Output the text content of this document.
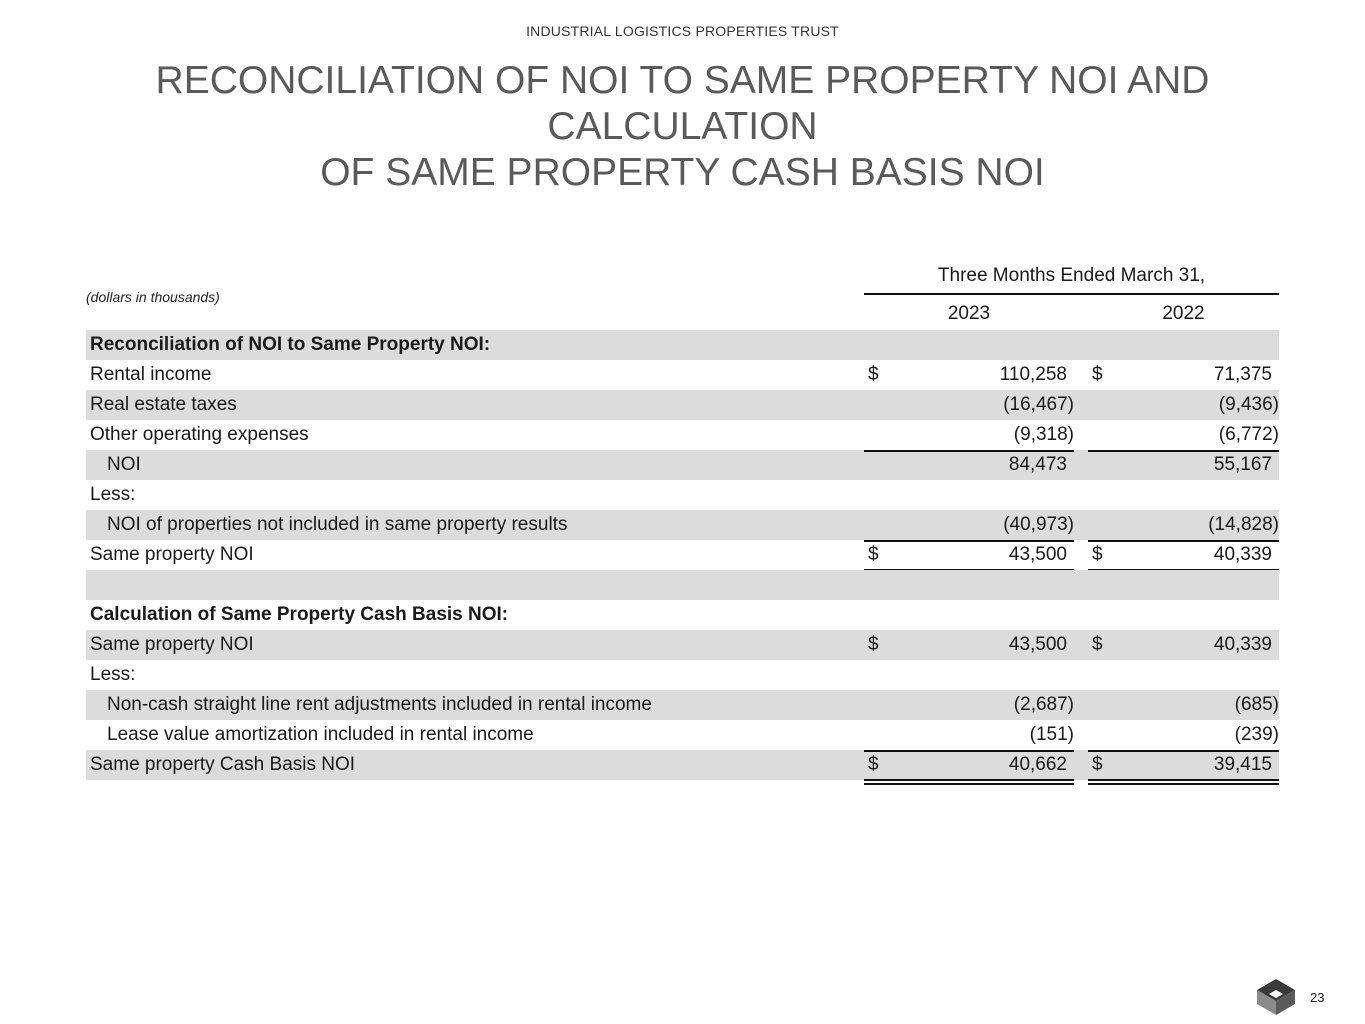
INDUSTRIAL LOGISTICS PROPERTIES TRUST
RECONCILIATION OF NOI TO SAME PROPERTY NOI AND CALCULATION
OF SAME PROPERTY CASH BASIS NOI
(dollars in thousands)
Three Months Ended March 31,
2023	2022
Reconciliation of NOI to Same Property NOI:
Rental income	$	110,258 $	71,375
Real estate taxes	(16,467)	(9,436)
Other operating expenses	(9,318)	(6,772)
NOI	84,473	55,167
Less:
NOI of properties not included in same property results	(40,973)	(14,828)
Same property NOI	$	43,500 $	40,339
Calculation of Same Property Cash Basis NOI:
Same property NOI	$	43,500 $	40,339
Less:
Non-cash straight line rent adjustments included in rental income	(2,687)	(685)
Lease value amortization included in rental income	(151)	(239)
Same property Cash Basis NOI	$	40,662 $	39,415
23
